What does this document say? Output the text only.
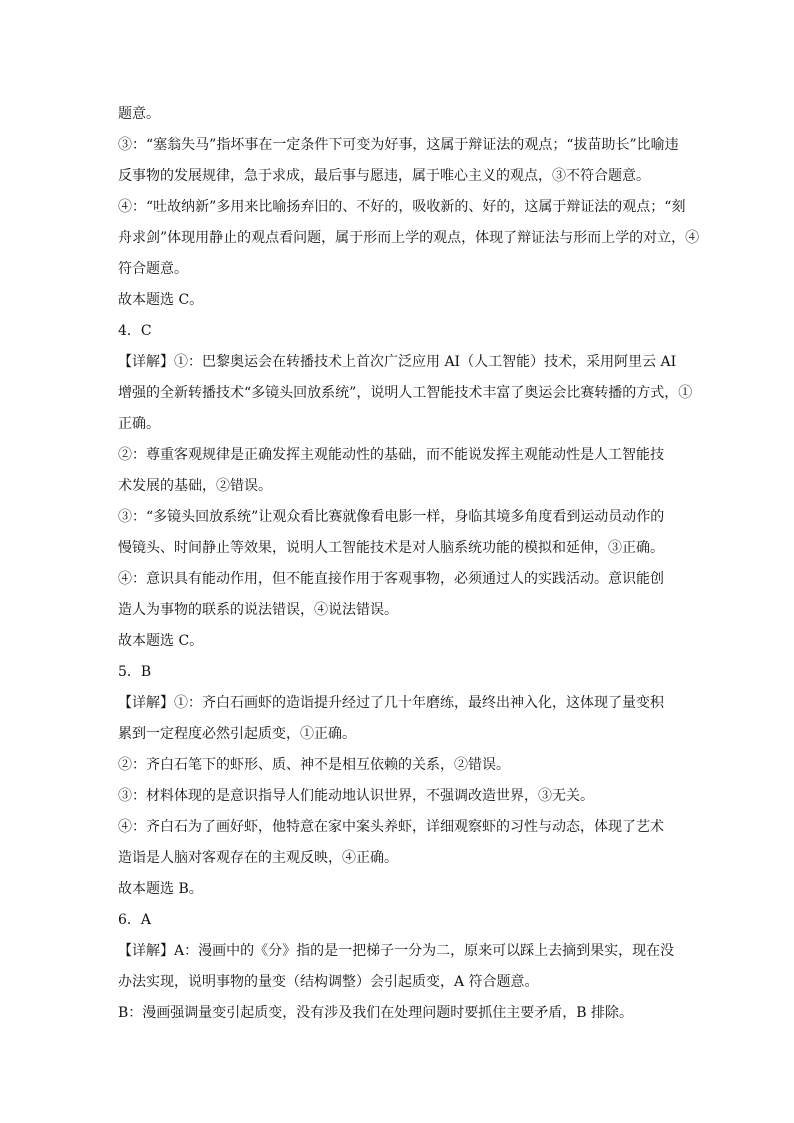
题意。
③：“塞翁失马”指坏事在一定条件下可变为好事，这属于辩证法的观点；“拔苗助长”比喻违
反事物的发展规律，急于求成，最后事与愿违，属于唯心主义的观点，③不符合题意。
④：“吐故纳新”多用来比喻扬弃旧的、不好的，吸收新的、好的，这属于辩证法的观点；“刻
舟求剑”体现用静止的观点看问题，属于形而上学的观点，体现了辩证法与形而上学的对立，④
符合题意。
故本题选 C。
4．C
【详解】①：巴黎奥运会在转播技术上首次广泛应用 AI（人工智能）技术，采用阿里云 AI
增强的全新转播技术“多镜头回放系统”，说明人工智能技术丰富了奥运会比赛转播的方式，①
正确。
②：尊重客观规律是正确发挥主观能动性的基础，而不能说发挥主观能动性是人工智能技
术发展的基础，②错误。
③：“多镜头回放系统”让观众看比赛就像看电影一样，身临其境多角度看到运动员动作的
慢镜头、时间静止等效果，说明人工智能技术是对人脑系统功能的模拟和延伸，③正确。
④：意识具有能动作用，但不能直接作用于客观事物，必须通过人的实践活动。意识能创
造人为事物的联系的说法错误，④说法错误。
故本题选 C。
5．B
【详解】①：齐白石画虾的造诣提升经过了几十年磨练，最终出神入化，这体现了量变积
累到一定程度必然引起质变，①正确。
②：齐白石笔下的虾形、质、神不是相互依赖的关系，②错误。
③：材料体现的是意识指导人们能动地认识世界，不强调改造世界，③无关。
④：齐白石为了画好虾，他特意在家中案头养虾，详细观察虾的习性与动态，体现了艺术
造诣是人脑对客观存在的主观反映，④正确。
故本题选 B。
6．A
【详解】A：漫画中的《分》指的是一把梯子一分为二，原来可以踩上去摘到果实，现在没
办法实现，说明事物的量变（结构调整）会引起质变，A 符合题意。
B：漫画强调量变引起质变，没有涉及我们在处理问题时要抓住主要矛盾，B 排除。
